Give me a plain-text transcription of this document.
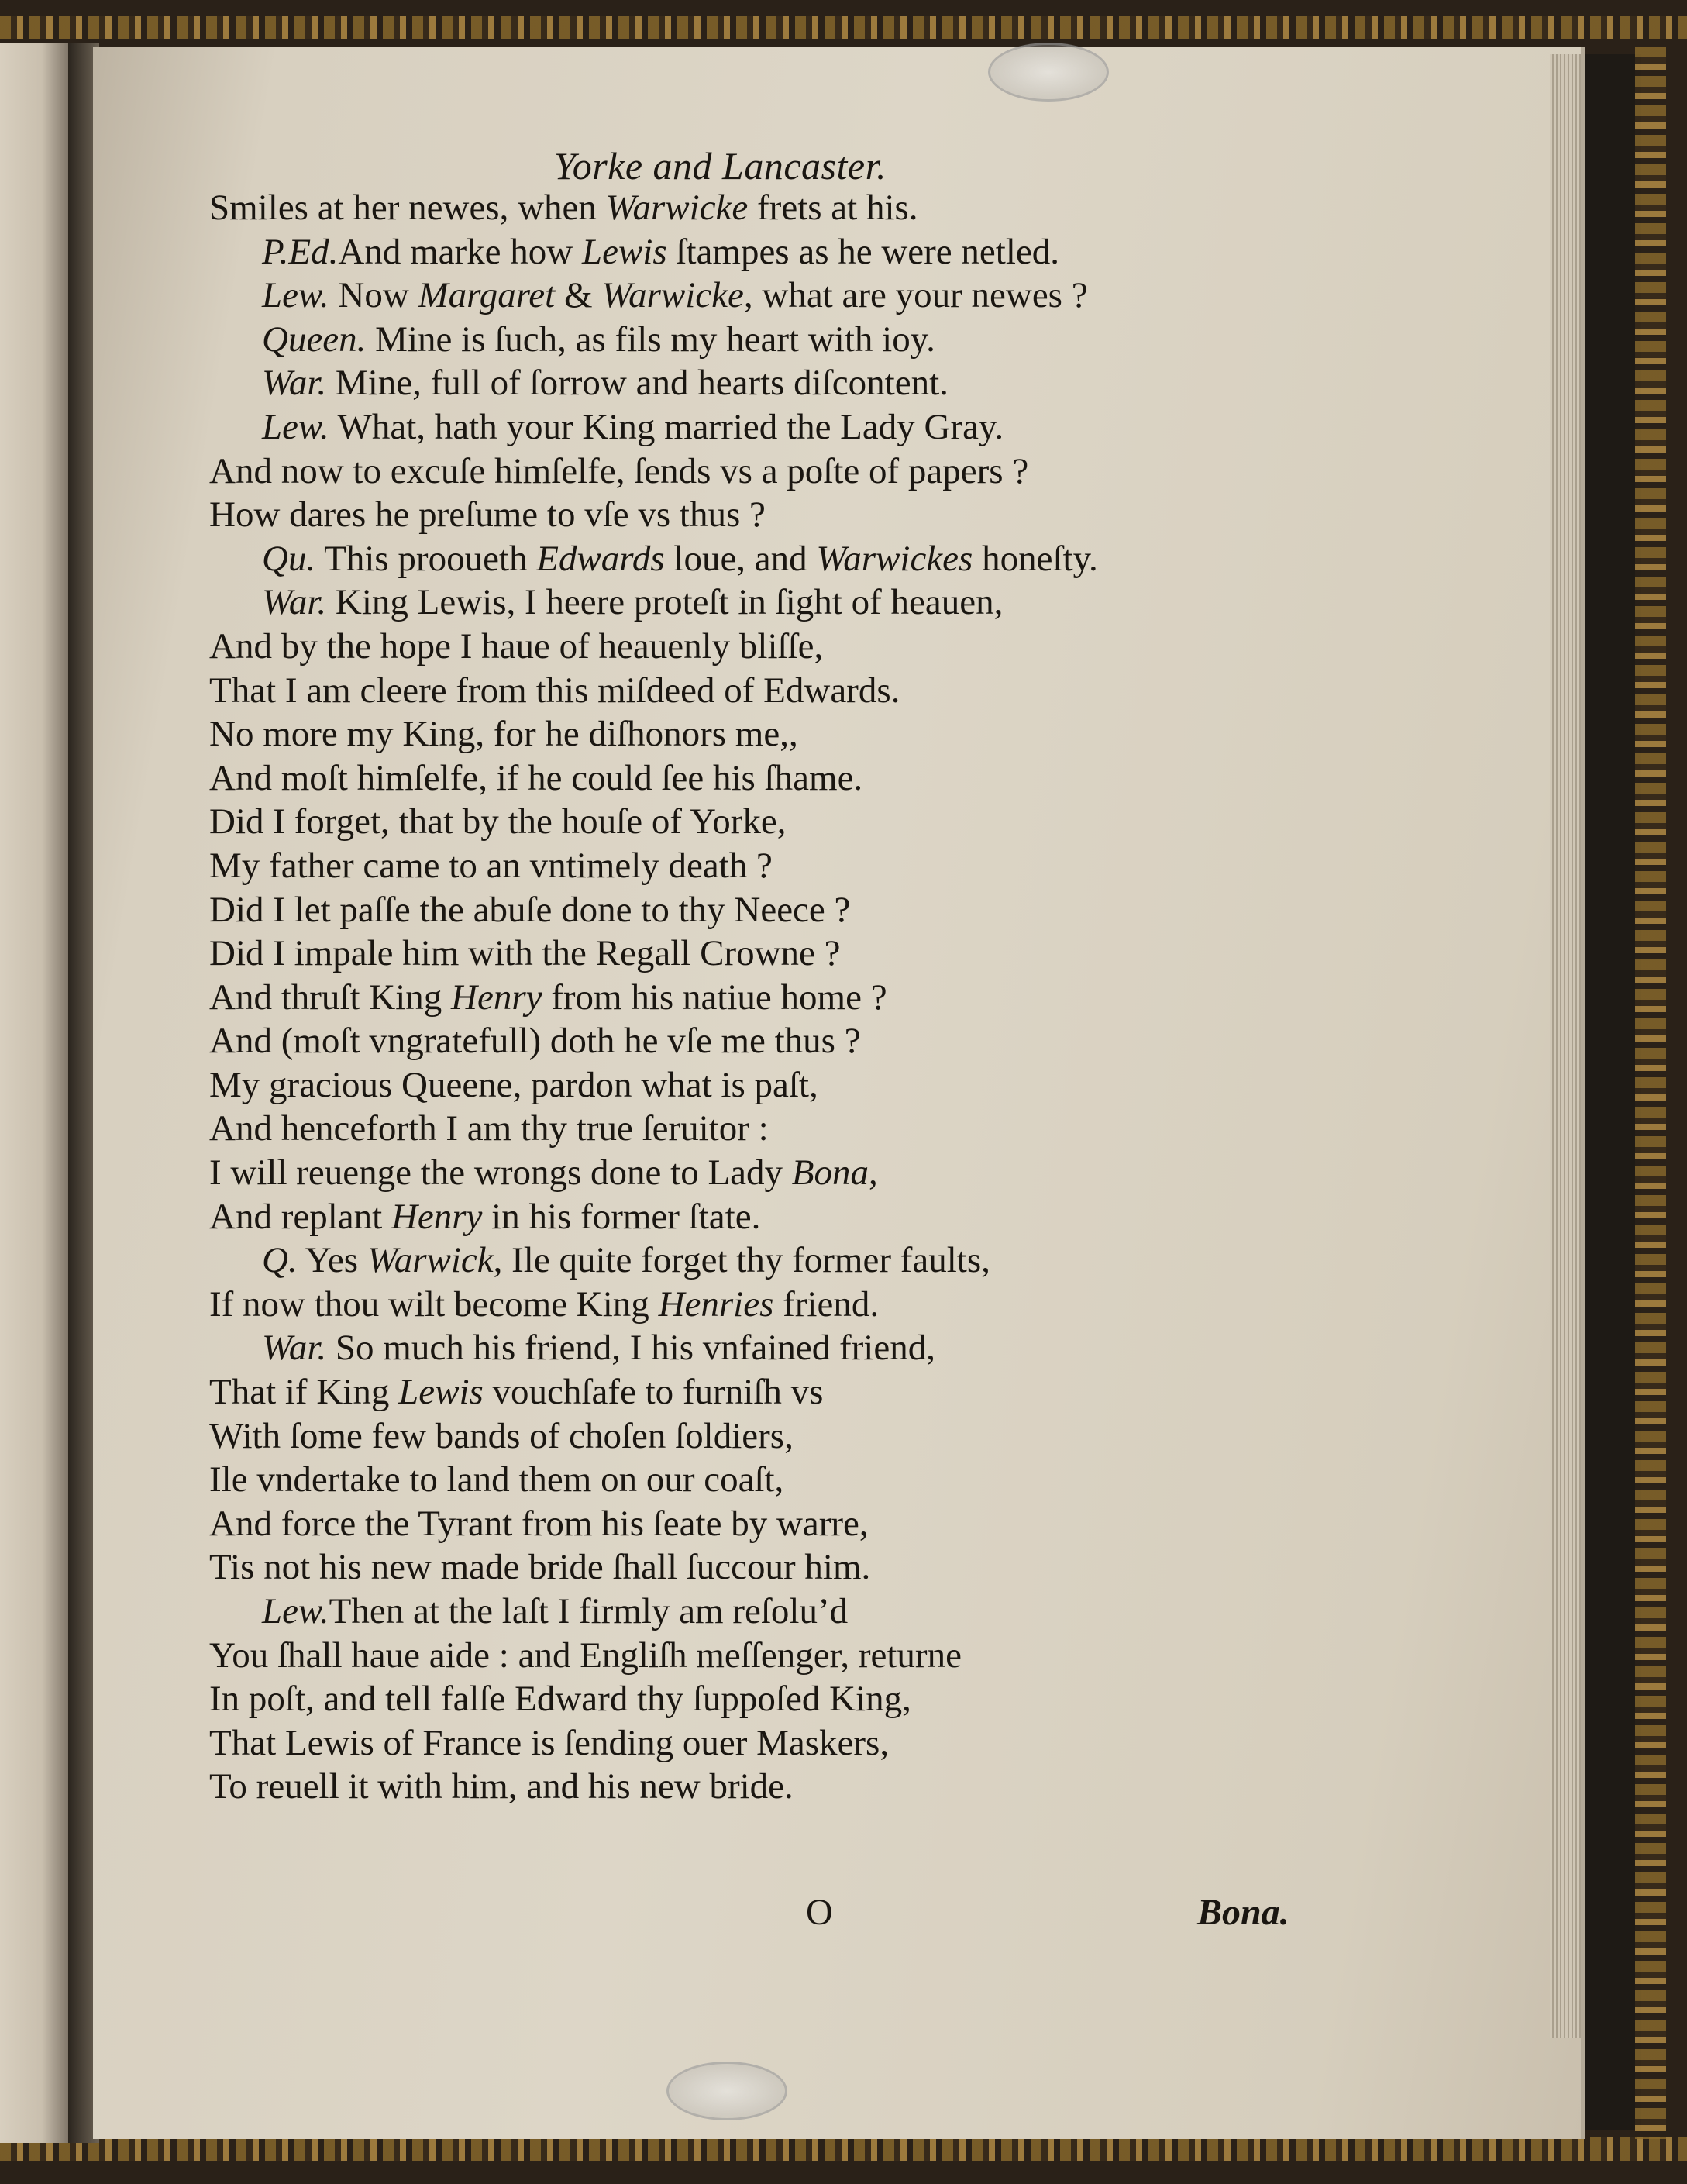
Yorke and Lancaster.
Smiles at her newes, when Warwicke frets at his.
P.Ed.And marke how Lewis ſtampes as he were netled.
Lew. Now Margaret & Warwicke, what are your newes ?
Queen. Mine is ſuch, as fils my heart with ioy.
War. Mine, full of ſorrow and hearts diſcontent.
Lew. What, hath your King married the Lady Gray.
And now to excuſe himſelfe, ſends vs a poſte of papers ?
How dares he preſume to vſe vs thus ?
Qu. This prooueth Edwards loue, and Warwickes honeſty.
War. King Lewis, I heere proteſt in ſight of heauen,
And by the hope I haue of heauenly bliſſe,
That I am cleere from this miſdeed of Edwards.
No more my King, for he diſhonors me,,
And moſt himſelfe, if he could ſee his ſhame.
Did I forget, that by the houſe of Yorke,
My father came to an vntimely death ?
Did I let paſſe the abuſe done to thy Neece ?
Did I impale him with the Regall Crowne ?
And thruſt King Henry from his natiue home ?
And (moſt vngratefull) doth he vſe me thus ?
My gracious Queene, pardon what is paſt,
And henceforth I am thy true ſeruitor :
I will reuenge the wrongs done to Lady Bona,
And replant Henry in his former ſtate.
Q. Yes Warwick, Ile quite forget thy former faults,
If now thou wilt become King Henries friend.
War. So much his friend, I his vnfained friend,
That if King Lewis vouchſafe to furniſh vs
With ſome few bands of choſen ſoldiers,
Ile vndertake to land them on our coaſt,
And force the Tyrant from his ſeate by warre,
Tis not his new made bride ſhall ſuccour him.
Lew.Then at the laſt I firmly am reſolu’d
You ſhall haue aide : and Engliſh meſſenger, returne
In poſt, and tell falſe Edward thy ſuppoſed King,
That Lewis of France is ſending ouer Maskers,
To reuell it with him, and his new bride.
O	Bona.
